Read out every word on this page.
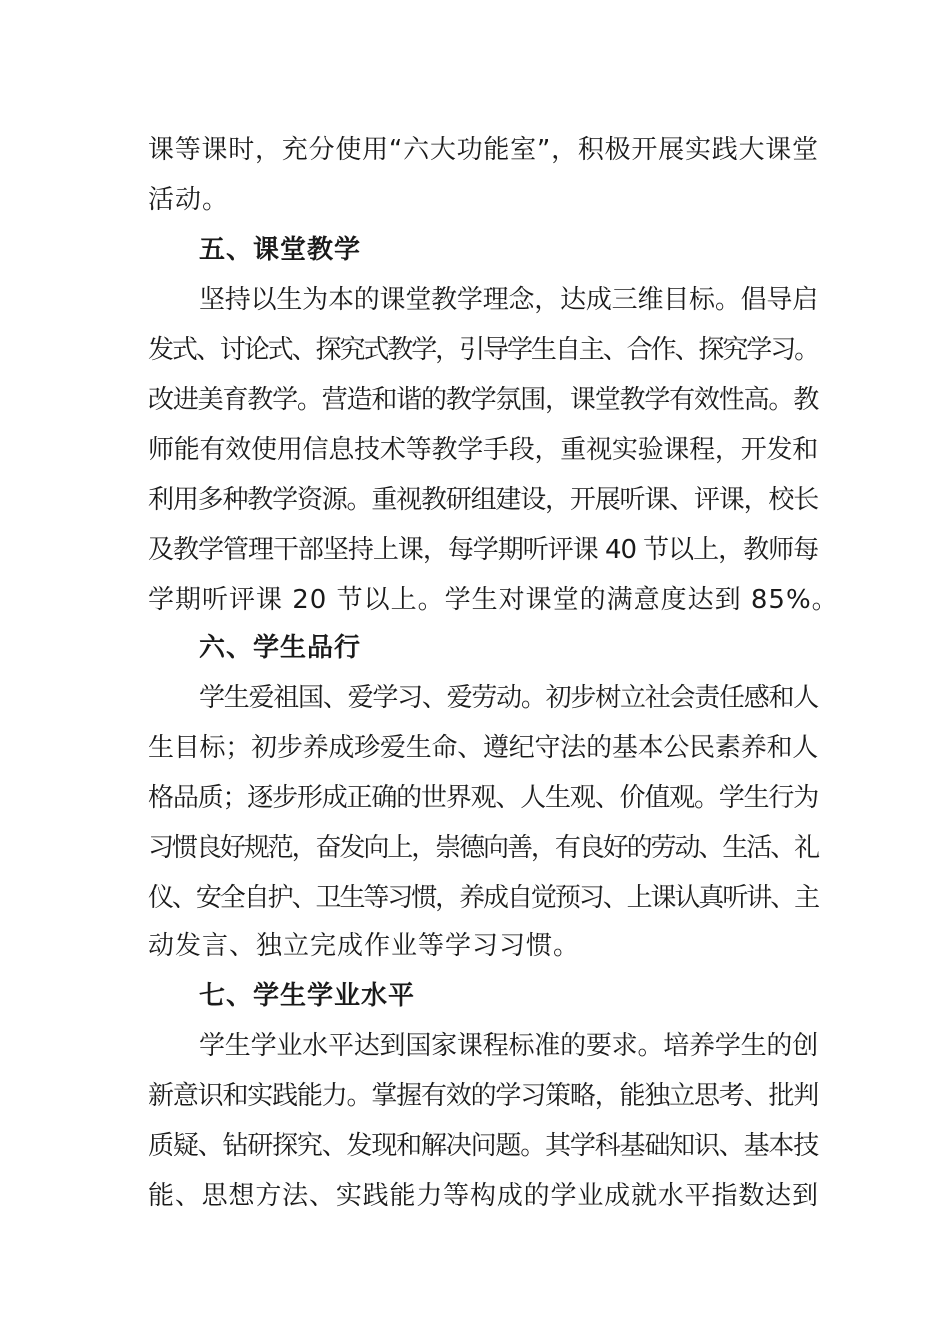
课等课时，充分使用“六大功能室”，积极开展实践大课堂
活动。
五、课堂教学
坚持以生为本的课堂教学理念，达成三维目标。倡导启
发式、讨论式、探究式教学，引导学生自主、合作、探究学习。
改进美育教学。营造和谐的教学氛围，课堂教学有效性高。教
师能有效使用信息技术等教学手段，重视实验课程，开发和
利用多种教学资源。重视教研组建设，开展听课、评课，校长
及教学管理干部坚持上课，每学期听评课 40 节以上，教师每
学期听评课 20 节以上。学生对课堂的满意度达到 85%。
六、学生品行
学生爱祖国、爱学习、爱劳动。初步树立社会责任感和人
生目标；初步养成珍爱生命、遵纪守法的基本公民素养和人
格品质；逐步形成正确的世界观、人生观、价值观。学生行为
习惯良好规范，奋发向上，崇德向善，有良好的劳动、生活、礼
仪、安全自护、卫生等习惯，养成自觉预习、上课认真听讲、主
动发言、独立完成作业等学习习惯。
七、学生学业水平
学生学业水平达到国家课程标准的要求。培养学生的创
新意识和实践能力。掌握有效的学习策略，能独立思考、批判
质疑、钻研探究、发现和解决问题。其学科基础知识、基本技
能、思想方法、实践能力等构成的学业成就水平指数达到
